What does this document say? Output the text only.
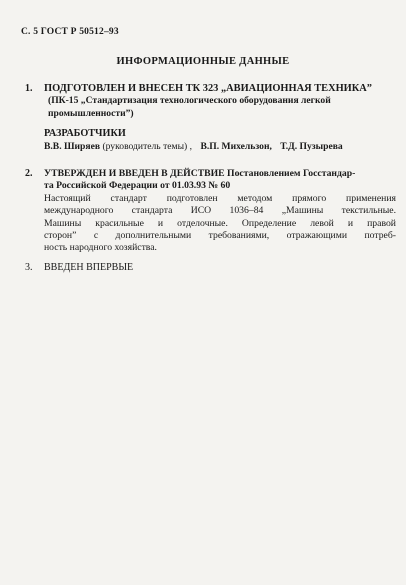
С. 5 ГОСТ Р 50512–93
ИНФОРМАЦИОННЫЕ ДАННЫЕ
1. ПОДГОТОВЛЕН И ВНЕСЕН ТК 323 „АВИАЦИОННАЯ ТЕХНИКА”
(ПК-15 „Стандартизация технологического оборудования легкой
промышленности”)
РАЗРАБОТЧИКИ
В.В. Ширяев (руководитель темы) , В.П. Михельзон, Т.Д. Пузырева
2. УТВЕРЖДЕН И ВВЕДЕН В ДЕЙСТВИЕ Постановлением Госстандар-
та Российской Федерации от 01.03.93 № 60
Настоящий стандарт подготовлен методом прямого применения
международного стандарта ИСО 1036–84 „Машины текстильные.
Машины красильные и отделочные. Определение левой и правой
сторон” с дополнительными требованиями, отражающими потреб-
ность народного хозяйства.
3. ВВЕДЕН ВПЕРВЫЕ
